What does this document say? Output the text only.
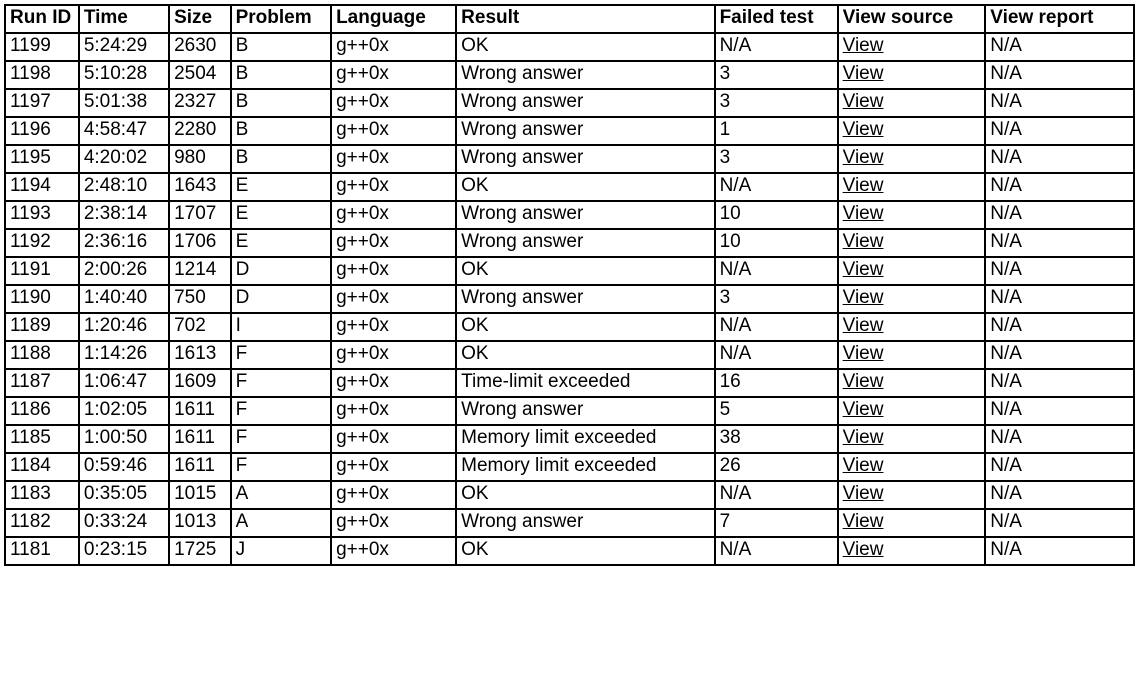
Run ID	Time	Size	Problem	Language	Result	Failed test	View source	View report
1199	5:24:29	2630	B	g++0x	OK	N/A	View	N/A
1198	5:10:28	2504	B	g++0x	Wrong answer	3	View	N/A
1197	5:01:38	2327	B	g++0x	Wrong answer	3	View	N/A
1196	4:58:47	2280	B	g++0x	Wrong answer	1	View	N/A
1195	4:20:02	980	B	g++0x	Wrong answer	3	View	N/A
1194	2:48:10	1643	E	g++0x	OK	N/A	View	N/A
1193	2:38:14	1707	E	g++0x	Wrong answer	10	View	N/A
1192	2:36:16	1706	E	g++0x	Wrong answer	10	View	N/A
1191	2:00:26	1214	D	g++0x	OK	N/A	View	N/A
1190	1:40:40	750	D	g++0x	Wrong answer	3	View	N/A
1189	1:20:46	702	I	g++0x	OK	N/A	View	N/A
1188	1:14:26	1613	F	g++0x	OK	N/A	View	N/A
1187	1:06:47	1609	F	g++0x	Time-limit exceeded	16	View	N/A
1186	1:02:05	1611	F	g++0x	Wrong answer	5	View	N/A
1185	1:00:50	1611	F	g++0x	Memory limit exceeded	38	View	N/A
1184	0:59:46	1611	F	g++0x	Memory limit exceeded	26	View	N/A
1183	0:35:05	1015	A	g++0x	OK	N/A	View	N/A
1182	0:33:24	1013	A	g++0x	Wrong answer	7	View	N/A
1181	0:23:15	1725	J	g++0x	OK	N/A	View	N/A
